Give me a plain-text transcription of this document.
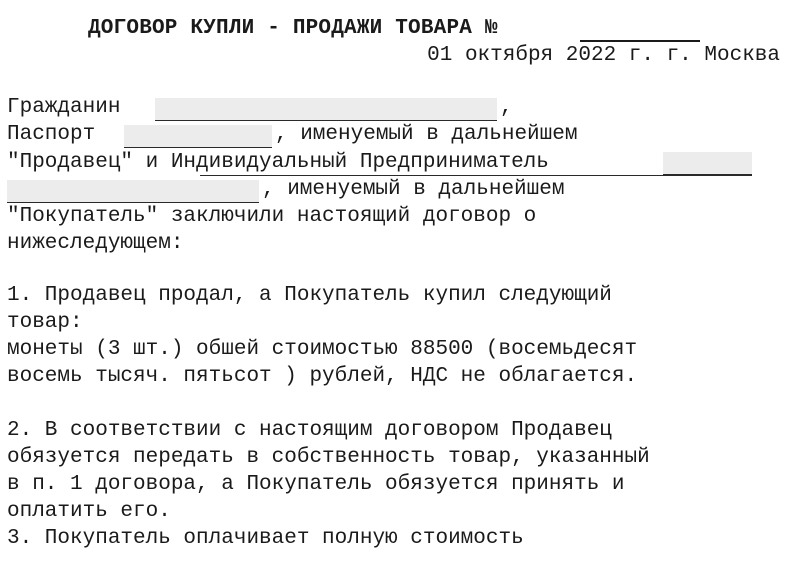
ДОГОВОР КУПЛИ - ПРОДАЖИ ТОВАРА №
01 октября 2022 г. г. Москва
Гражданин	,
Паспорт	, именуемый в дальнейшем
"Продавец" и Индивидуальный Предприниматель
, именуемый в дальнейшем
"Покупатель" заключили настоящий договор о
нижеследующем:
1. Продавец продал, а Покупатель купил следующий
товар:
монеты (3 шт.) обшей стоимостью 88500 (восемьдесят
восемь тысяч. пятьсот ) рублей, НДС не облагается.
2. В соответствии с настоящим договором Продавец
обязуется передать в собственность товар, указанный
в п. 1 договора, а Покупатель обязуется принять и
оплатить его.
3. Покупатель оплачивает полную стоимость
